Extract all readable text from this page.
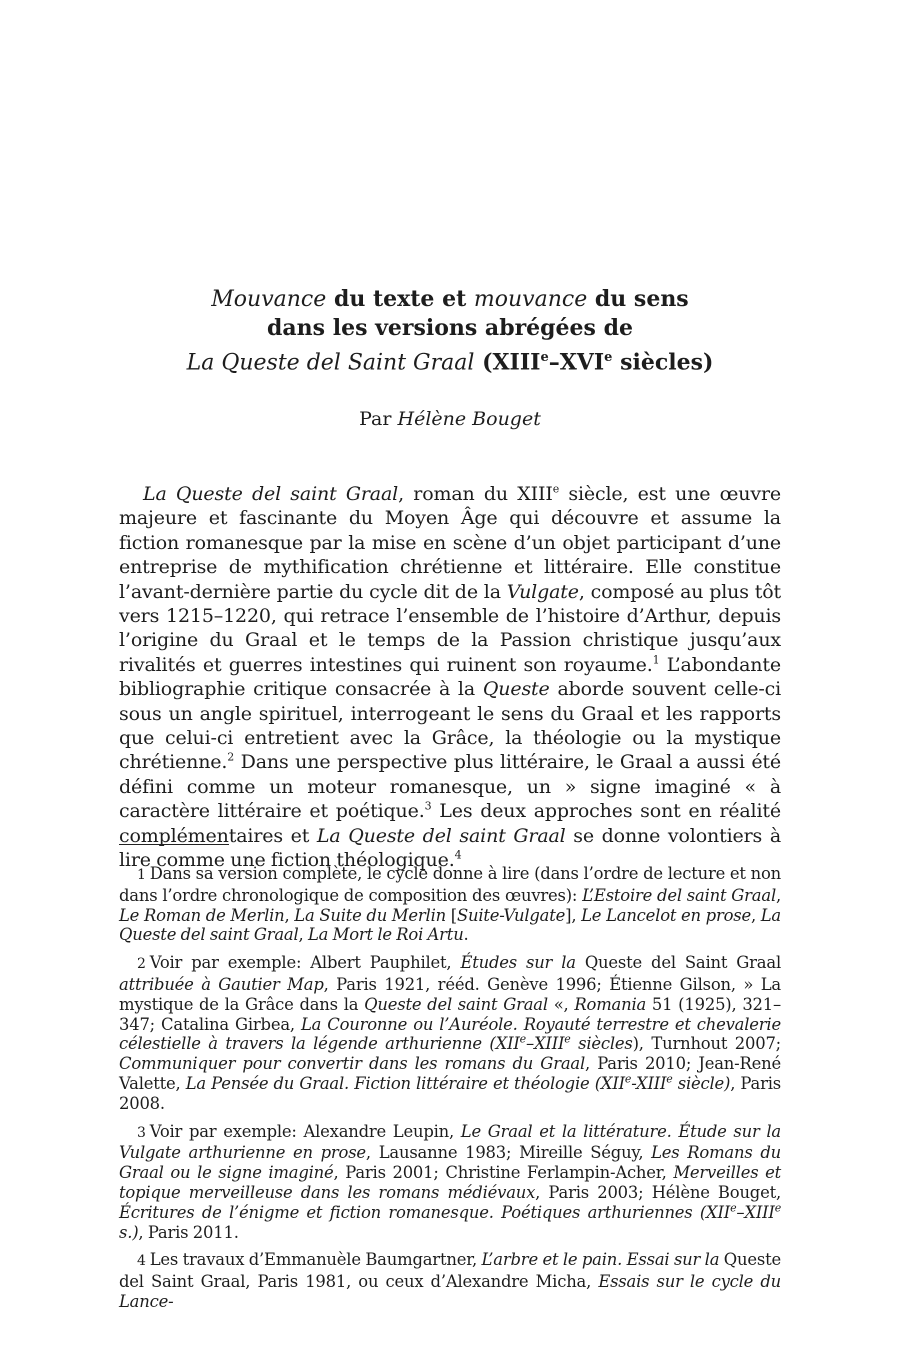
Mouvance du texte et mouvance du sens
dans les versions abrégées de
La Queste del Saint Graal (XIIIe–XVIe siècles)
Par Hélène Bouget

La Queste del saint Graal, roman du XIIIe siècle, est une œuvre majeure et fascinante du Moyen Âge qui découvre et assume la fiction romanesque par la mise en scène d’un objet participant d’une entreprise de mythification chrétienne et littéraire. Elle constitue l’avant-dernière partie du cycle dit de la Vulgate, composé au plus tôt vers 1215–1220, qui retrace l’ensemble de l’histoire d’Arthur, depuis l’origine du Graal et le temps de la Passion christique jusqu’aux rivalités et guerres intestines qui ruinent son royaume.$^1$ L’abondante bibliographie critique consacrée à la Queste aborde souvent celle-ci sous un angle spirituel, interrogeant le sens du Graal et les rapports que celui-ci entretient avec la Grâce, la théologie ou la mystique chrétienne.$^2$ Dans une perspective plus littéraire, le Graal a aussi été défini comme un moteur romanesque, un » signe imaginé « à caractère littéraire et poétique.$^3$ Les deux approches sont en réalité complémentaires et La Queste del saint Graal se donne volontiers à lire comme une fiction théologique.$^4$

1 Dans sa version complète, le cycle donne à lire (dans l’ordre de lecture et non dans l’ordre chronologique de composition des œuvres): L’Estoire del saint Graal, Le Roman de Merlin, La Suite du Merlin [Suite-Vulgate], Le Lancelot en prose, La Queste del saint Graal, La Mort le Roi Artu.

2 Voir par exemple: Albert Pauphilet, Études sur la Queste del Saint Graal attribuée à Gautier Map, Paris 1921, rééd. Genève 1996; Étienne Gilson, » La mystique de la Grâce dans la Queste del saint Graal «, Romania 51 (1925), 321–347; Catalina Girbea, La Couronne ou l’Auréole. Royauté terrestre et chevalerie célestielle à travers la légende arthurienne (XIIe–XIIIe siècles), Turnhout 2007; Communiquer pour convertir dans les romans du Graal, Paris 2010; Jean-René Valette, La Pensée du Graal. Fiction littéraire et théologie (XIIe-XIIIe siècle), Paris 2008.

3 Voir par exemple: Alexandre Leupin, Le Graal et la littérature. Étude sur la Vulgate arthurienne en prose, Lausanne 1983; Mireille Séguy, Les Romans du Graal ou le signe imaginé, Paris 2001; Christine Ferlampin-Acher, Merveilles et topique merveilleuse dans les romans médiévaux, Paris 2003; Hélène Bouget, Écritures de l’énigme et fiction romanesque. Poétiques arthuriennes (XIIe–XIIIe s.), Paris 2011.

4 Les travaux d’Emmanuèle Baumgartner, L’arbre et le pain. Essai sur la Queste del Saint Graal, Paris 1981, ou ceux d’Alexandre Micha, Essais sur le cycle du Lance-
